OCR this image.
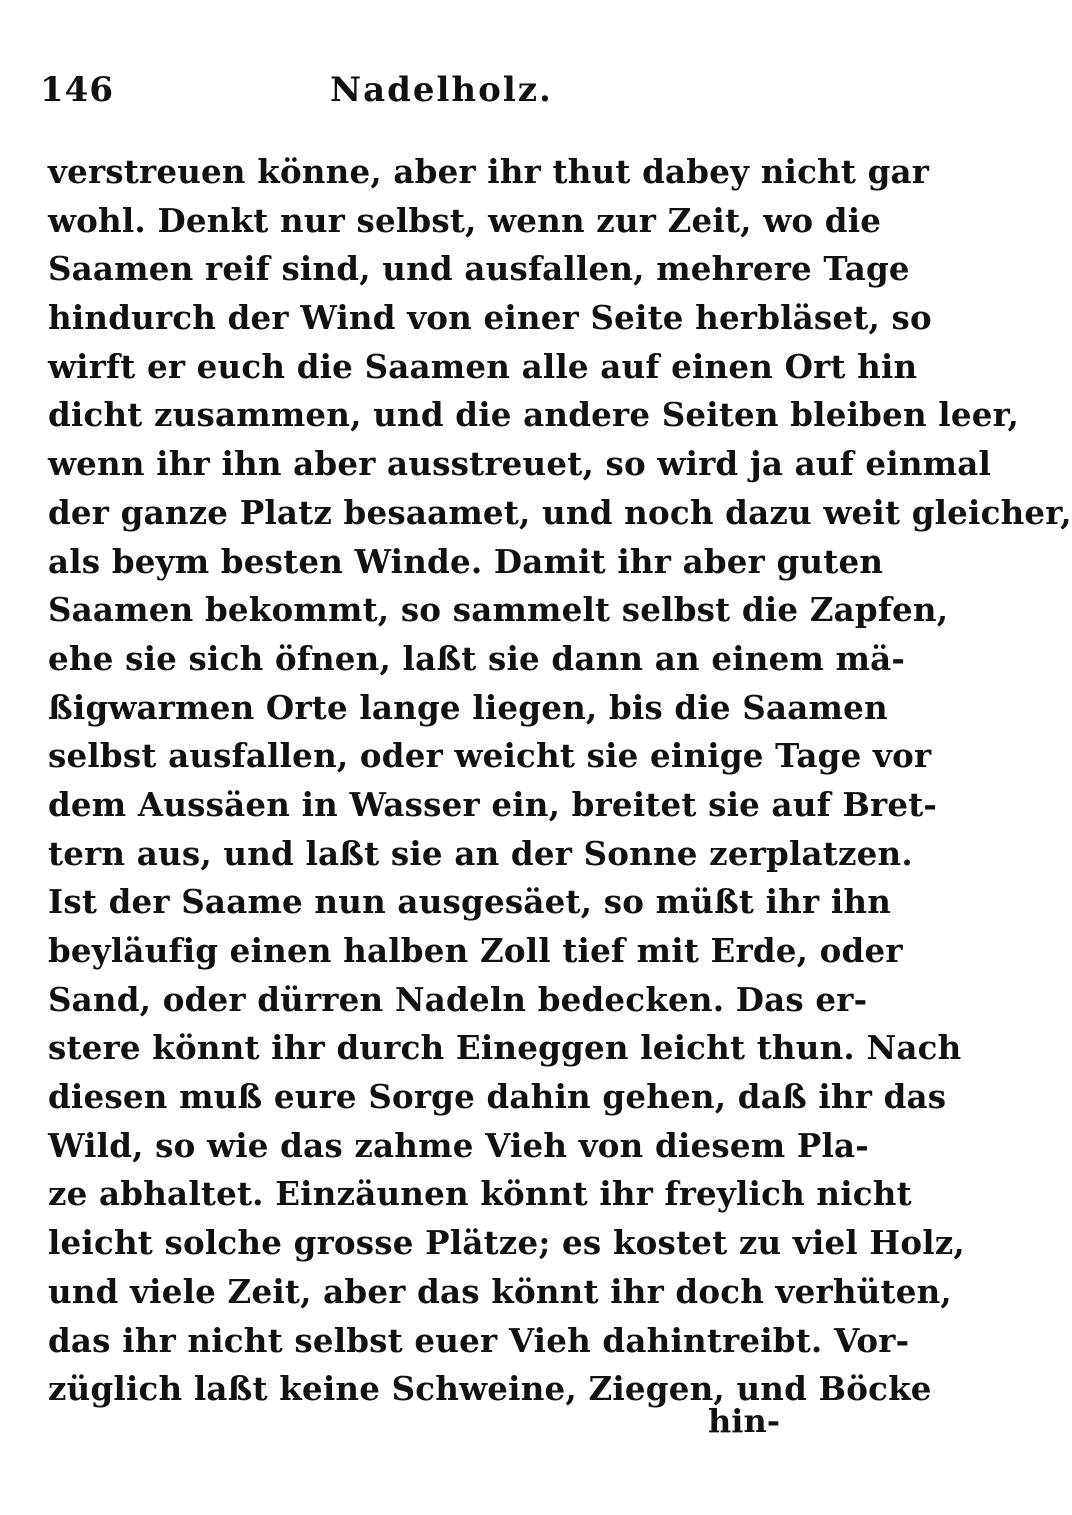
146	Nadelholz.
verstreuen könne, aber ihr thut dabey nicht gar
wohl. Denkt nur selbst, wenn zur Zeit, wo die
Saamen reif sind, und ausfallen, mehrere Tage
hindurch der Wind von einer Seite herbläset, so
wirft er euch die Saamen alle auf einen Ort hin
dicht zusammen, und die andere Seiten bleiben leer,
wenn ihr ihn aber ausstreuet, so wird ja auf einmal
der ganze Platz besaamet, und noch dazu weit gleicher,
als beym besten Winde. Damit ihr aber guten
Saamen bekommt, so sammelt selbst die Zapfen,
ehe sie sich öfnen, laßt sie dann an einem mä-
ßigwarmen Orte lange liegen, bis die Saamen
selbst ausfallen, oder weicht sie einige Tage vor
dem Aussäen in Wasser ein, breitet sie auf Bret-
tern aus, und laßt sie an der Sonne zerplatzen.
Ist der Saame nun ausgesäet, so müßt ihr ihn
beyläufig einen halben Zoll tief mit Erde, oder
Sand, oder dürren Nadeln bedecken. Das er-
stere könnt ihr durch Eineggen leicht thun. Nach
diesen muß eure Sorge dahin gehen, daß ihr das
Wild, so wie das zahme Vieh von diesem Pla-
ze abhaltet. Einzäunen könnt ihr freylich nicht
leicht solche grosse Plätze; es kostet zu viel Holz,
und viele Zeit, aber das könnt ihr doch verhüten,
das ihr nicht selbst euer Vieh dahintreibt. Vor-
züglich laßt keine Schweine, Ziegen, und Böcke
hin-
